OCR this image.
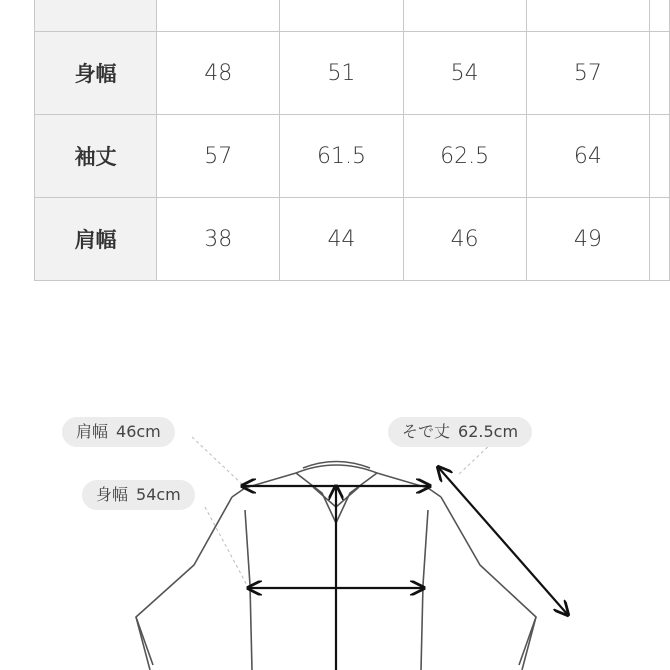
身幅	48	51	54	57	
袖丈	57	61.5	62.5	64	
肩幅	38	44	46	49	
肩幅 46cm
身幅 54cm
そで丈 62.5cm
